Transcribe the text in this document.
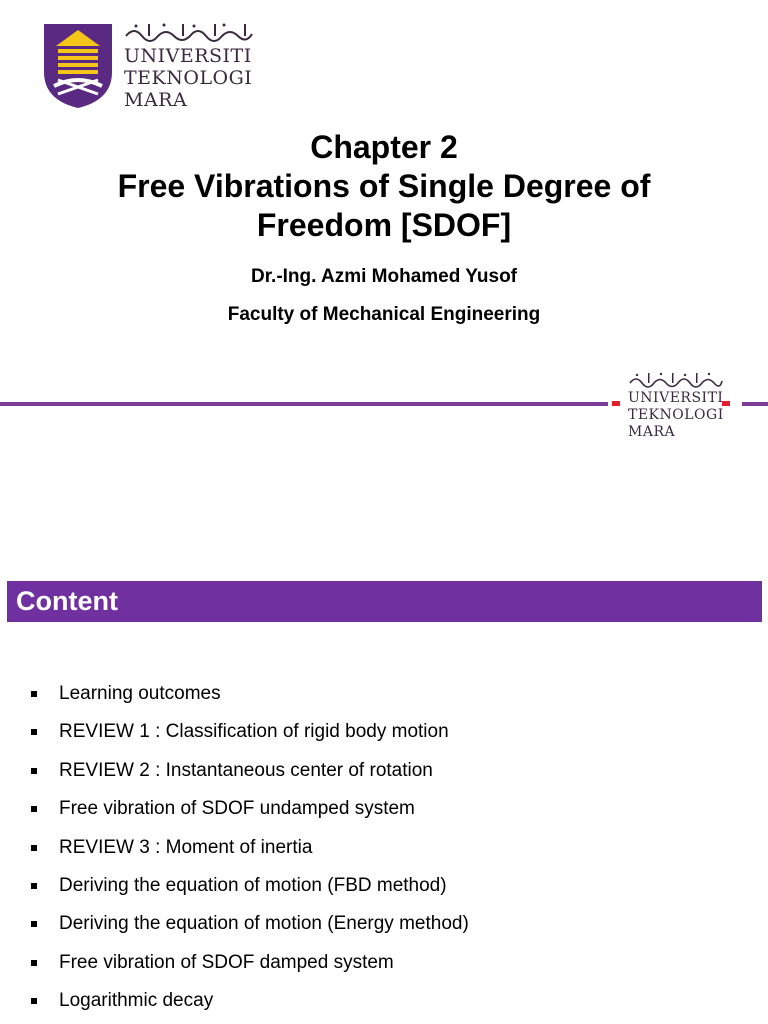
UNIVERSITI
TEKNOLOGI
MARA
Chapter 2
Free Vibrations of Single Degree of
Freedom [SDOF]
Dr.-Ing. Azmi Mohamed Yusof
Faculty of Mechanical Engineering
UNIVERSITI
TEKNOLOGI
MARA
Content
Learning outcomes
REVIEW 1 : Classification of rigid body motion
REVIEW 2 : Instantaneous center of rotation
Free vibration of SDOF undamped system
REVIEW 3 : Moment of inertia
Deriving the equation of motion (FBD method)
Deriving the equation of motion (Energy method)
Free vibration of SDOF damped system
Logarithmic decay
